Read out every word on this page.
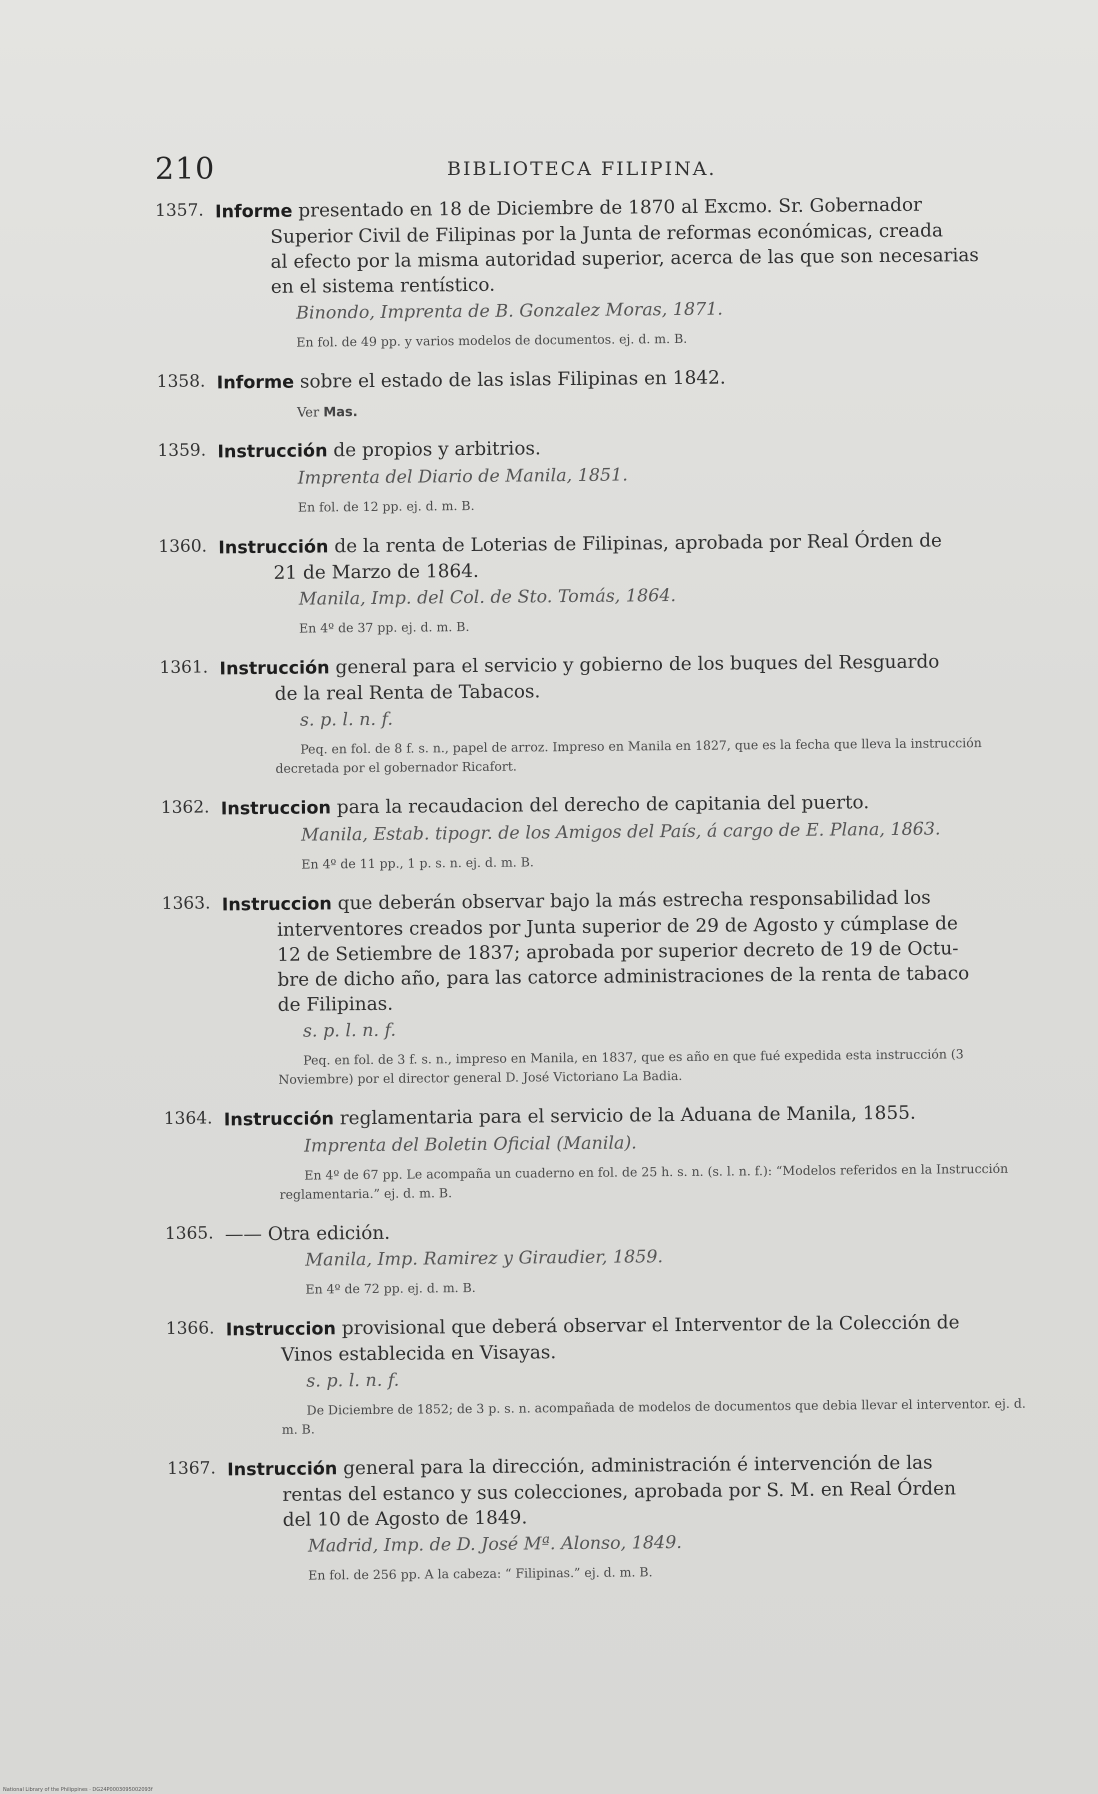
210	BIBLIOTECA FILIPINA.
1357. Informe presentado en 18 de Diciembre de 1870 al Excmo. Sr. Gobernador
Superior Civil de Filipinas por la Junta de reformas económicas, creada
al efecto por la misma autoridad superior, acerca de las que son necesarias
en el sistema rentístico.
Binondo, Imprenta de B. Gonzalez Moras, 1871.
En fol. de 49 pp. y varios modelos de documentos. ej. d. m. B.
1358. Informe sobre el estado de las islas Filipinas en 1842.
Ver Mas.
1359. Instrucción de propios y arbitrios.
Imprenta del Diario de Manila, 1851.
En fol. de 12 pp. ej. d. m. B.
1360. Instrucción de la renta de Loterias de Filipinas, aprobada por Real Órden de
21 de Marzo de 1864.
Manila, Imp. del Col. de Sto. Tomás, 1864.
En 4º de 37 pp. ej. d. m. B.
1361. Instrucción general para el servicio y gobierno de los buques del Resguardo
de la real Renta de Tabacos.
s. p. l. n. f.
Peq. en fol. de 8 f. s. n., papel de arroz. Impreso en Manila en 1827, que es la fecha que lleva la instrucción decretada por el gobernador Ricafort.
1362. Instruccion para la recaudacion del derecho de capitania del puerto.
Manila, Estab. tipogr. de los Amigos del País, á cargo de E. Plana, 1863.
En 4º de 11 pp., 1 p. s. n. ej. d. m. B.
1363. Instruccion que deberán observar bajo la más estrecha responsabilidad los
interventores creados por Junta superior de 29 de Agosto y cúmplase de
12 de Setiembre de 1837; aprobada por superior decreto de 19 de Octu-
bre de dicho año, para las catorce administraciones de la renta de tabaco
de Filipinas.
s. p. l. n. f.
Peq. en fol. de 3 f. s. n., impreso en Manila, en 1837, que es año en que fué expedida esta instrucción (3 Noviembre) por el director general D. José Victoriano La Badia.
1364. Instrucción reglamentaria para el servicio de la Aduana de Manila, 1855.
Imprenta del Boletin Oficial (Manila).
En 4º de 67 pp. Le acompaña un cuaderno en fol. de 25 h. s. n. (s. l. n. f.): “Modelos referidos en la Instrucción reglamentaria.” ej. d. m. B.
1365. —— Otra edición.
Manila, Imp. Ramirez y Giraudier, 1859.
En 4º de 72 pp. ej. d. m. B.
1366. Instruccion provisional que deberá observar el Interventor de la Colección de
Vinos establecida en Visayas.
s. p. l. n. f.
De Diciembre de 1852; de 3 p. s. n. acompañada de modelos de documentos que debia llevar el interventor. ej. d. m. B.
1367. Instrucción general para la dirección, administración é intervención de las
rentas del estanco y sus colecciones, aprobada por S. M. en Real Órden
del 10 de Agosto de 1849.
Madrid, Imp. de D. José Mª. Alonso, 1849.
En fol. de 256 pp. A la cabeza: “ Filipinas.” ej. d. m. B.
National Library of the Philippines · DG24P0003095002093f
